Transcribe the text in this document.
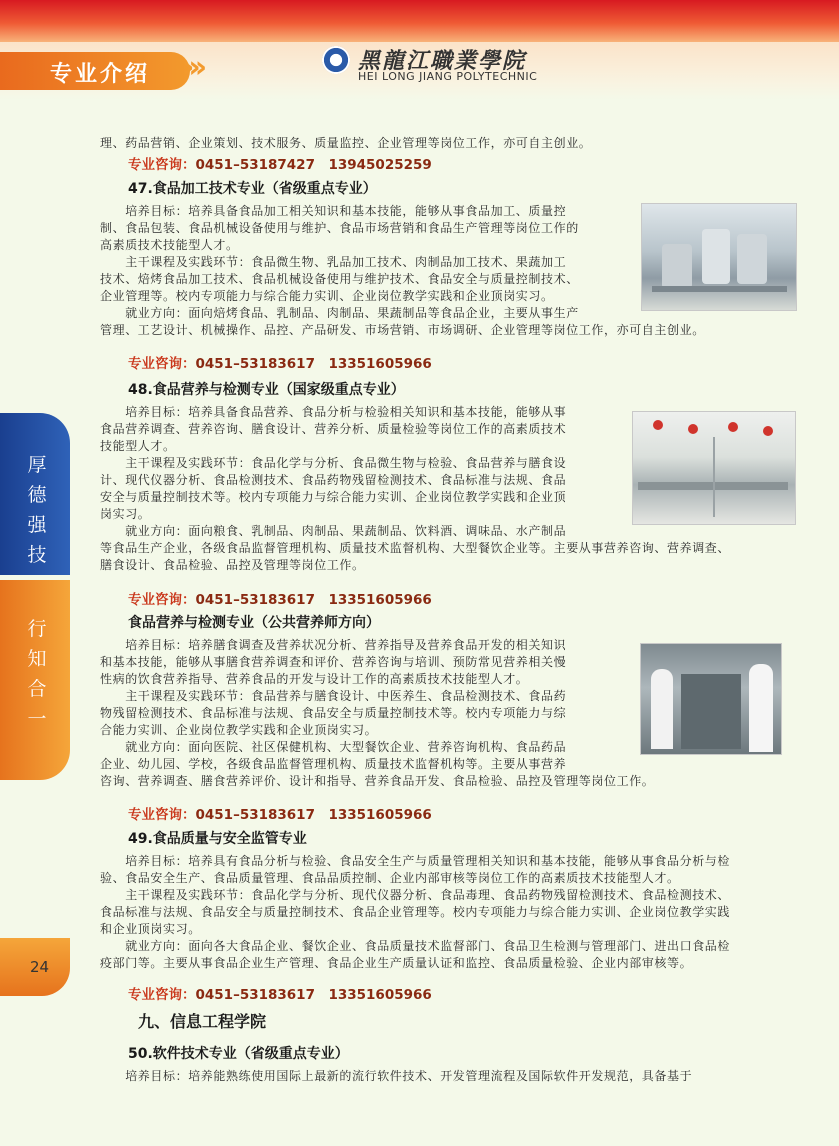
专业介绍 ›››	黑龍江職業學院
HEI LONG JIANG POLYTECHNIC
厚
德
强
技
行
知
合
一
24
理、药品营销、企业策划、技术服务、质量监控、企业管理等岗位工作，亦可自主创业。
专业咨询：0451–53187427　13945025259
47.食品加工技术专业（省级重点专业）
　　培养目标：培养具备食品加工相关知识和基本技能，能够从事食品加工、质量控
制、食品包装、食品机械设备使用与维护、食品市场营销和食品生产管理等岗位工作的
高素质技术技能型人才。
　　主干课程及实践环节：食品微生物、乳品加工技术、肉制品加工技术、果蔬加工
技术、焙烤食品加工技术、食品机械设备使用与维护技术、食品安全与质量控制技术、
企业管理等。校内专项能力与综合能力实训、企业岗位教学实践和企业顶岗实习。
　　就业方向：面向焙烤食品、乳制品、肉制品、果蔬制品等食品企业，主要从事生产
管理、工艺设计、机械操作、品控、产品研发、市场营销、市场调研、企业管理等岗位工作，亦可自主创业。
专业咨询：0451–53183617　13351605966
48.食品营养与检测专业（国家级重点专业）
　　培养目标：培养具备食品营养、食品分析与检验相关知识和基本技能，能够从事
食品营养调查、营养咨询、膳食设计、营养分析、质量检验等岗位工作的高素质技术
技能型人才。
　　主干课程及实践环节：食品化学与分析、食品微生物与检验、食品营养与膳食设
计、现代仪器分析、食品检测技术、食品药物残留检测技术、食品标准与法规、食品
安全与质量控制技术等。校内专项能力与综合能力实训、企业岗位教学实践和企业顶
岗实习。
　　就业方向：面向粮食、乳制品、肉制品、果蔬制品、饮料酒、调味品、水产制品
等食品生产企业，各级食品监督管理机构、质量技术监督机构、大型餐饮企业等。主要从事营养咨询、营养调查、
膳食设计、食品检验、品控及管理等岗位工作。
专业咨询：0451–53183617　13351605966
食品营养与检测专业（公共营养师方向）
　　培养目标：培养膳食调查及营养状况分析、营养指导及营养食品开发的相关知识
和基本技能，能够从事膳食营养调查和评价、营养咨询与培训、预防常见营养相关慢
性病的饮食营养指导、营养食品的开发与设计工作的高素质技术技能型人才。
　　主干课程及实践环节：食品营养与膳食设计、中医养生、食品检测技术、食品药
物残留检测技术、食品标准与法规、食品安全与质量控制技术等。校内专项能力与综
合能力实训、企业岗位教学实践和企业顶岗实习。
　　就业方向：面向医院、社区保健机构、大型餐饮企业、营养咨询机构、食品药品
企业、幼儿园、学校，各级食品监督管理机构、质量技术监督机构等。主要从事营养
咨询、营养调查、膳食营养评价、设计和指导、营养食品开发、食品检验、品控及管理等岗位工作。
专业咨询：0451–53183617　13351605966
49.食品质量与安全监管专业
　　培养目标：培养具有食品分析与检验、食品安全生产与质量管理相关知识和基本技能，能够从事食品分析与检
验、食品安全生产、食品质量管理、食品品质控制、企业内部审核等岗位工作的高素质技术技能型人才。
　　主干课程及实践环节：食品化学与分析、现代仪器分析、食品毒理、食品药物残留检测技术、食品检测技术、
食品标准与法规、食品安全与质量控制技术、食品企业管理等。校内专项能力与综合能力实训、企业岗位教学实践
和企业顶岗实习。
　　就业方向：面向各大食品企业、餐饮企业、食品质量技术监督部门、食品卫生检测与管理部门、进出口食品检
疫部门等。主要从事食品企业生产管理、食品企业生产质量认证和监控、食品质量检验、企业内部审核等。
专业咨询：0451–53183617　13351605966
九、信息工程学院
50.软件技术专业（省级重点专业）
　　培养目标：培养能熟练使用国际上最新的流行软件技术、开发管理流程及国际软件开发规范，具备基于
